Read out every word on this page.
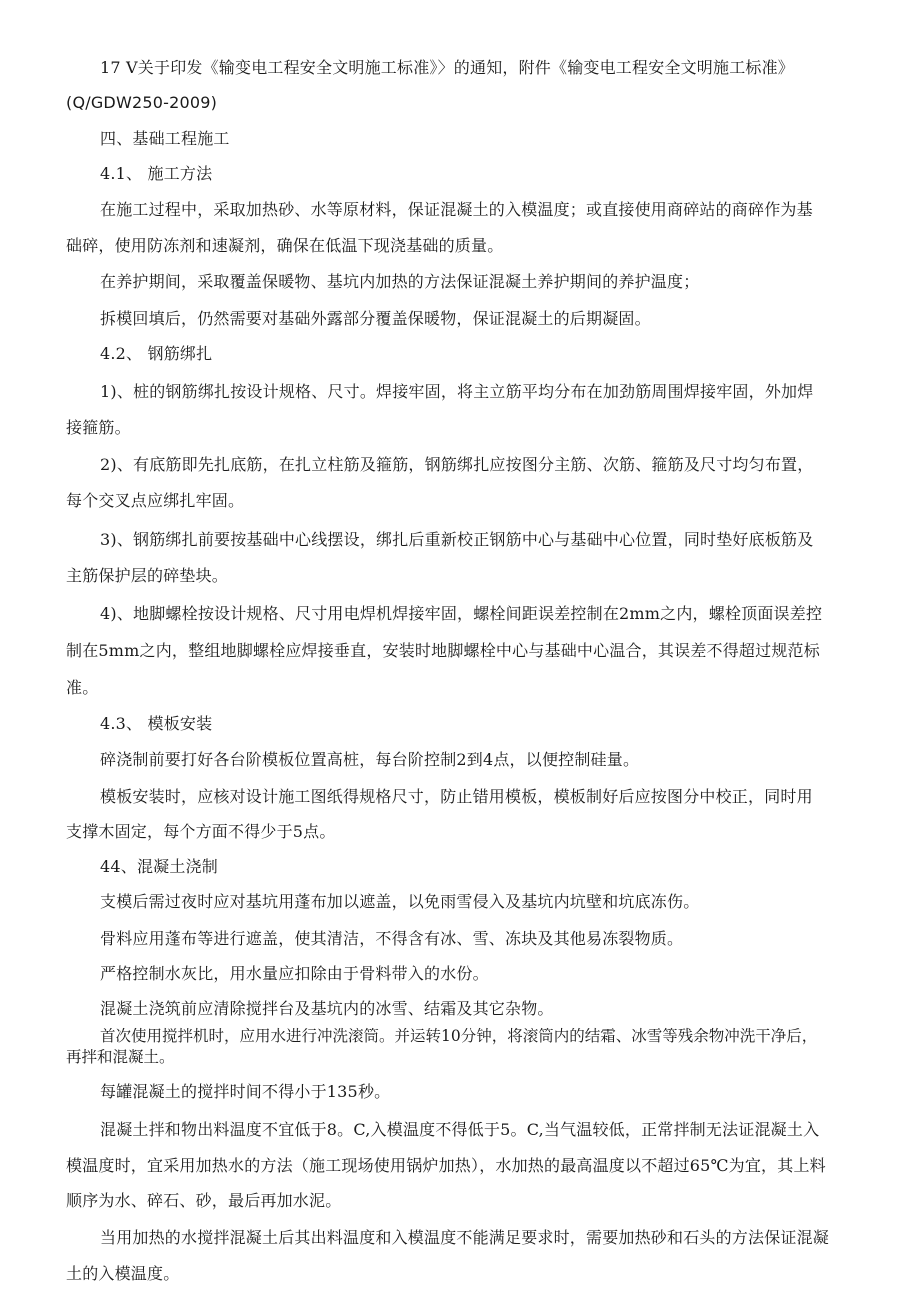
17 V关于印发《输变电工程安全文明施工标准》〉的通知，附件《输变电工程安全文明施工标准》
(Q/GDW250-2009)
四、基础工程施工
4.1、 施工方法
在施工过程中，采取加热砂、水等原材料，保证混凝土的入模温度；或直接使用商碎站的商碎作为基
础碎，使用防冻剂和速凝剂，确保在低温下现浇基础的质量。
在养护期间，采取覆盖保暖物、基坑内加热的方法保证混凝土养护期间的养护温度；
拆模回填后，仍然需要对基础外露部分覆盖保暖物，保证混凝土的后期凝固。
4.2、 钢筋绑扎
1)、桩的钢筋绑扎按设计规格、尺寸。焊接牢固，将主立筋平均分布在加劲筋周围焊接牢固，外加焊
接箍筋。
2)、有底筋即先扎底筋，在扎立柱筋及箍筋，钢筋绑扎应按图分主筋、次筋、箍筋及尺寸均匀布置，
每个交叉点应绑扎牢固。
3)、钢筋绑扎前要按基础中心线摆设，绑扎后重新校正钢筋中心与基础中心位置，同时垫好底板筋及
主筋保护层的碎垫块。
4)、地脚螺栓按设计规格、尺寸用电焊机焊接牢固，螺栓间距误差控制在2mm之内，螺栓顶面误差控
制在5mm之内，整组地脚螺栓应焊接垂直，安装时地脚螺栓中心与基础中心温合，其误差不得超过规范标
准。
4.3、 模板安装
碎浇制前要打好各台阶模板位置高桩，每台阶控制2到4点，以便控制硅量。
模板安装时，应核对设计施工图纸得规格尺寸，防止错用模板，模板制好后应按图分中校正，同时用
支撑木固定，每个方面不得少于5点。
44、混凝土浇制
支模后需过夜时应对基坑用蓬布加以遮盖，以免雨雪侵入及基坑内坑壁和坑底冻伤。
骨料应用蓬布等进行遮盖，使其清洁，不得含有冰、雪、冻块及其他易冻裂物质。
严格控制水灰比，用水量应扣除由于骨料带入的水份。
混凝土浇筑前应清除搅拌台及基坑内的冰雪、结霜及其它杂物。
首次使用搅拌机时，应用水进行冲洗滚筒。并运转10分钟，将滚筒内的结霜、冰雪等残余物冲洗干净后，
再拌和混凝土。
每罐混凝土的搅拌时间不得小于135秒。
混凝土拌和物出料温度不宜低于8。C,入模温度不得低于5。C,当气温较低，正常拌制无法证混凝土入
模温度时，宜采用加热水的方法（施工现场使用锅炉加热），水加热的最高温度以不超过65℃为宜，其上料
顺序为水、碎石、砂，最后再加水泥。
当用加热的水搅拌混凝土后其出料温度和入模温度不能满足要求时，需要加热砂和石头的方法保证混凝
土的入模温度。
